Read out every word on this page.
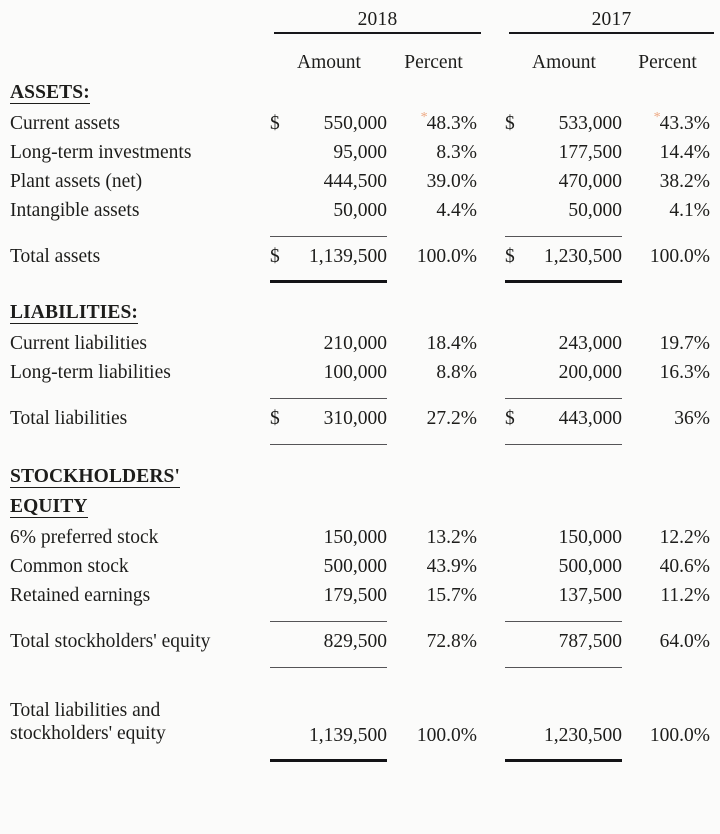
	2018				2017		

	Amount		Percent		Amount		Percent
ASSETS:							
Current assets	$	550,000	*48.3%		$	533,000	*43.3%
Long-term investments		95,000	8.3%			177,500	14.4%
Plant assets (net)		444,500	39.0%			470,000	38.2%
Intangible assets		50,000	4.4%			50,000	4.1%

Total assets	$	1,139,500	100.0%		$	1,230,500	100.0%

LIABILITIES:							
Current liabilities		210,000	18.4%			243,000	19.7%
Long-term liabilities		100,000	8.8%			200,000	16.3%

Total liabilities	$	310,000	27.2%		$	443,000	36%

STOCKHOLDERS'							
EQUITY							
6% preferred stock		150,000	13.2%			150,000	12.2%
Common stock		500,000	43.9%			500,000	40.6%
Retained earnings		179,500	15.7%			137,500	11.2%

Total stockholders' equity		829,500	72.8%			787,500	64.0%

Total liabilities and
stockholders' equity							
		1,139,500	100.0%			1,230,500	100.0%
